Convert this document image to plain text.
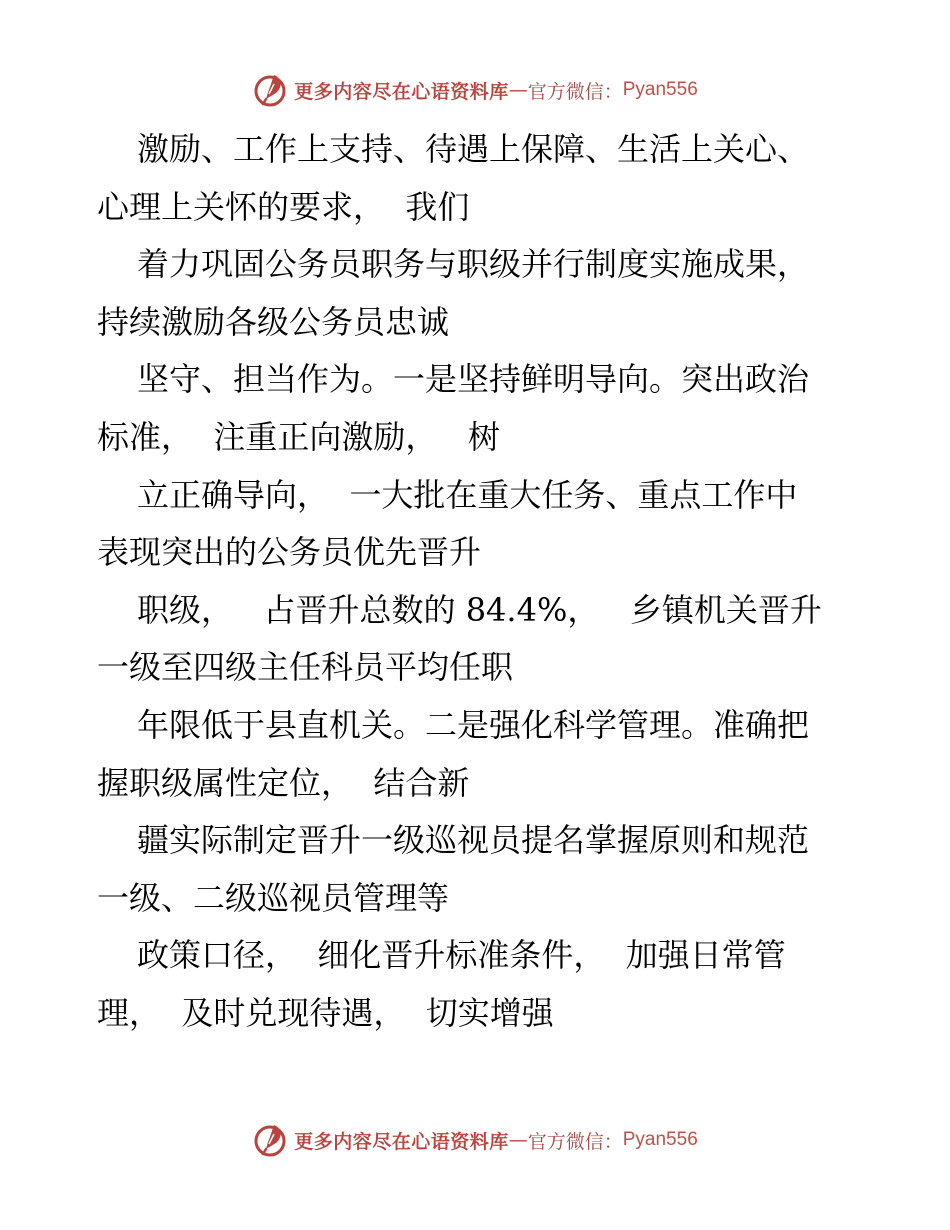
更多内容尽在心语资料库 — 官方微信： Pyan556
激励、工作上支持、待遇上保障、生活上关心、
心理上关怀的要求，  我们
着力巩固公务员职务与职级并行制度实施成果，
持续激励各级公务员忠诚
坚守、担当作为。一是坚持鲜明导向。突出政治
标准，  注重正向激励，   树
立正确导向，  一大批在重大任务、重点工作中
表现突出的公务员优先晋升
职级，   占晋升总数的 84.4%，   乡镇机关晋升
一级至四级主任科员平均任职
年限低于县直机关。二是强化科学管理。准确把
握职级属性定位，  结合新
疆实际制定晋升一级巡视员提名掌握原则和规范
一级、二级巡视员管理等
政策口径，  细化晋升标准条件，  加强日常管
理，  及时兑现待遇，  切实增强
更多内容尽在心语资料库 — 官方微信： Pyan556
